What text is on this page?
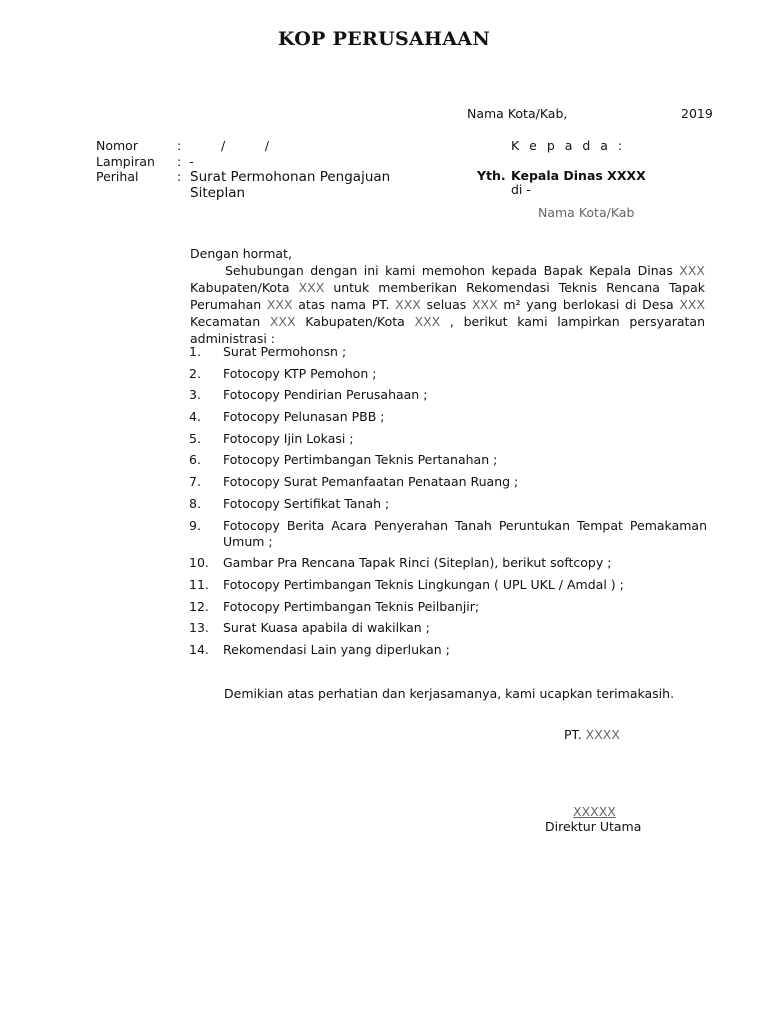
KOP PERUSAHAAN
Nama Kota/Kab,	2019
Nomor	:          /          /
Lampiran :  -
Perihal	: Surat Permohonan Pengajuan
Siteplan
K e p a d a :
Yth. Kepala Dinas XXXX
di -
Nama Kota/Kab
Dengan hormat,
Sehubungan dengan ini kami memohon kepada Bapak Kepala Dinas XXX Kabupaten/Kota XXX untuk memberikan Rekomendasi Teknis Rencana Tapak Perumahan XXX atas nama PT. XXX seluas XXX m² yang berlokasi di Desa XXX Kecamatan XXX Kabupaten/Kota XXX , berikut kami lampirkan persyaratan administrasi :
1. Surat Permohonsn ;
2. Fotocopy KTP Pemohon ;
3. Fotocopy Pendirian Perusahaan ;
4. Fotocopy Pelunasan PBB ;
5. Fotocopy Ijin Lokasi ;
6. Fotocopy Pertimbangan Teknis Pertanahan ;
7. Fotocopy Surat Pemanfaatan Penataan Ruang ;
8. Fotocopy Sertifikat Tanah ;
9. Fotocopy Berita Acara Penyerahan Tanah Peruntukan Tempat Pemakaman Umum ;
10. Gambar Pra Rencana Tapak Rinci (Siteplan), berikut softcopy ;
11. Fotocopy Pertimbangan Teknis Lingkungan ( UPL UKL / Amdal ) ;
12. Fotocopy Pertimbangan Teknis Peilbanjir;
13. Surat Kuasa apabila di wakilkan ;
14. Rekomendasi Lain yang diperlukan ;
Demikian atas perhatian dan kerjasamanya, kami ucapkan terimakasih.
PT. XXXX
XXXXX
Direktur Utama
